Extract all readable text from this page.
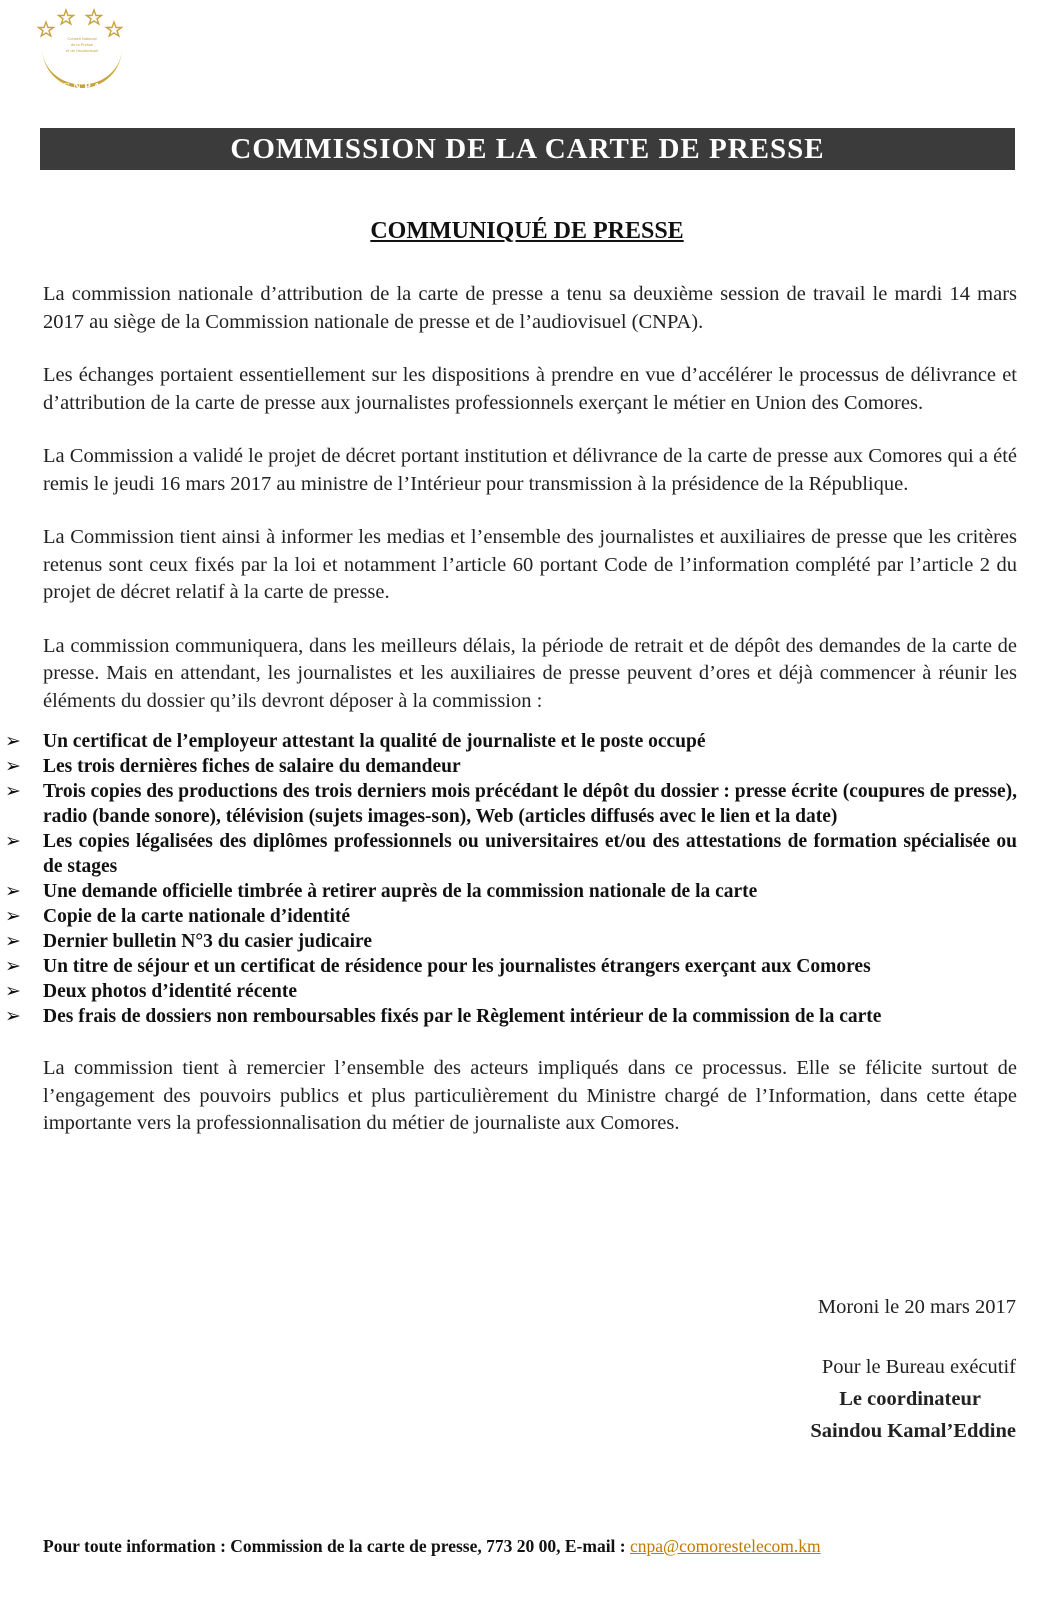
Conseil National
de la Presse
et de l'Audiovisuel
CNPA
COMMISSION DE LA CARTE DE PRESSE
COMMUNIQUÉ DE PRESSE

La commission nationale d’attribution de la carte de presse a tenu sa deuxième session de travail le mardi 14 mars 2017 au siège de la Commission nationale de presse et de l’audiovisuel (CNPA).

Les échanges portaient essentiellement sur les dispositions à prendre en vue d’accélérer le processus de délivrance et d’attribution de la carte de presse aux journalistes professionnels exerçant le métier en Union des Comores.

La Commission a validé le projet de décret portant institution et délivrance de la carte de presse aux Comores qui a été remis le jeudi 16 mars 2017 au ministre de l’Intérieur pour transmission à la présidence de la République.

La Commission tient ainsi à informer les medias et l’ensemble des journalistes et auxiliaires de presse que les critères retenus sont ceux fixés par la loi et notamment l’article 60 portant Code de l’information complété par l’article 2 du projet de décret relatif à la carte de presse.

La commission communiquera, dans les meilleurs délais, la période de retrait et de dépôt des demandes de la carte de presse. Mais en attendant, les journalistes et les auxiliaires de presse peuvent d’ores et déjà commencer à réunir les éléments du dossier qu’ils devront déposer à la commission :

➢ Un certificat de l’employeur attestant la qualité de journaliste et le poste occupé
➢ Les trois dernières fiches de salaire du demandeur
➢ Trois copies des productions des trois derniers mois précédant le dépôt du dossier : presse écrite (coupures de presse), radio (bande sonore), télévision (sujets images-son), Web (articles diffusés avec le lien et la date)
➢ Les copies légalisées des diplômes professionnels ou universitaires et/ou des attestations de formation spécialisée ou de stages
➢ Une demande officielle timbrée à retirer auprès de la commission nationale de la carte
➢ Copie de la carte nationale d’identité
➢ Dernier bulletin N°3 du casier judicaire
➢ Un titre de séjour et un certificat de résidence pour les journalistes étrangers exerçant aux Comores
➢ Deux photos d’identité récente
➢ Des frais de dossiers non remboursables fixés par le Règlement intérieur de la commission de la carte

La commission tient à remercier l’ensemble des acteurs impliqués dans ce processus. Elle se félicite surtout de l’engagement des pouvoirs publics et plus particulièrement du Ministre chargé de l’Information, dans cette étape importante vers la professionnalisation du métier de journaliste aux Comores.

Moroni le 20 mars 2017
Pour le Bureau exécutif
Le coordinateur
Saindou Kamal’Eddine
Pour toute information : Commission de la carte de presse, 773 20 00, E-mail : cnpa@comorestelecom.km
